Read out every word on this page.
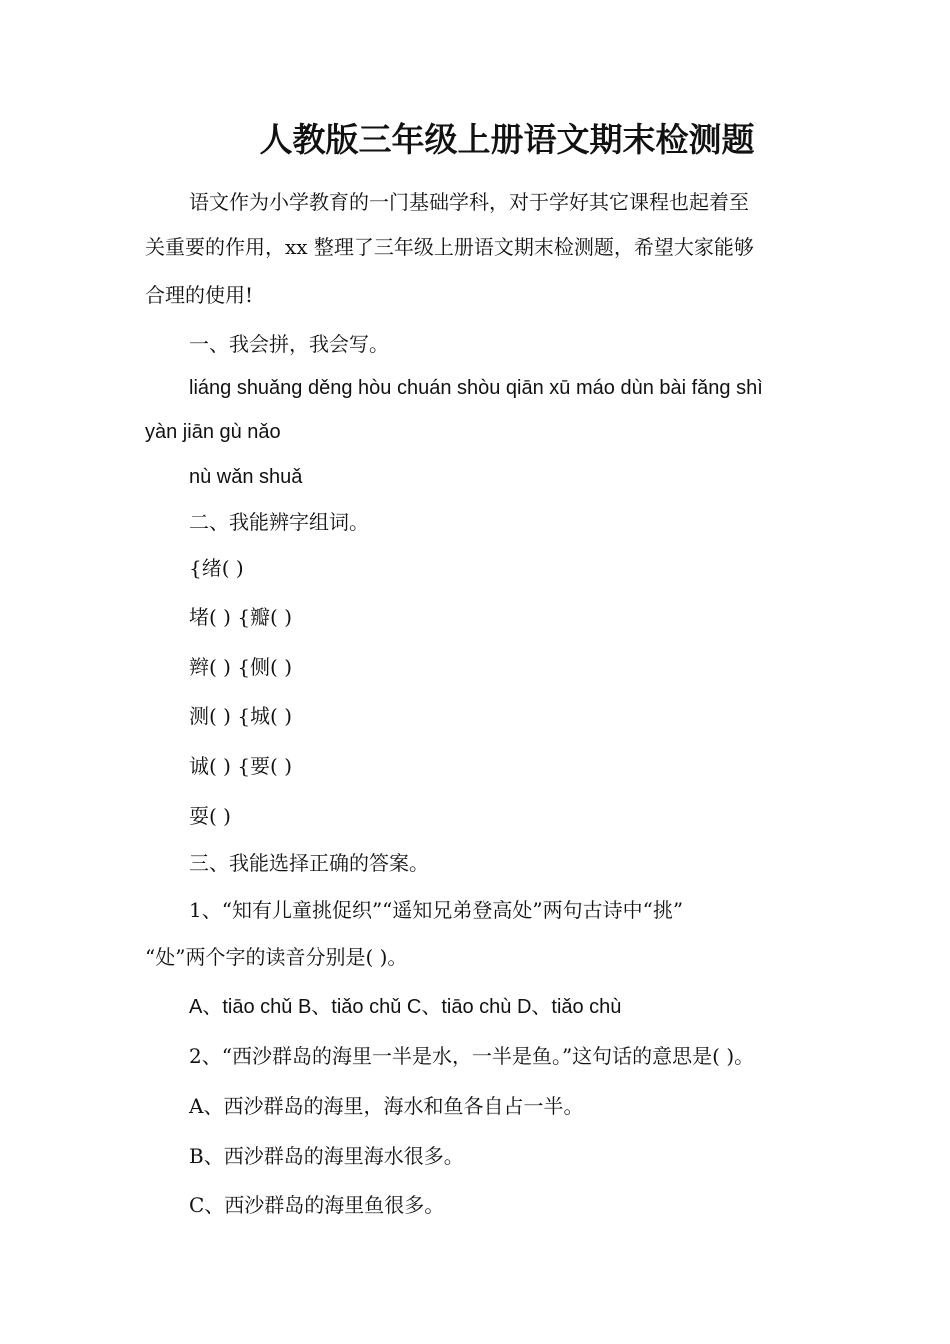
人教版三年级上册语文期末检测题
语文作为小学教育的一门基础学科，对于学好其它课程也起着至
关重要的作用，xx 整理了三年级上册语文期末检测题，希望大家能够
合理的使用!
一、我会拼，我会写。
liáng shuǎng děng hòu chuán shòu qiān xū máo dùn bài fǎng shì
yàn jiān gù nǎo
nù wǎn shuǎ
二、我能辨字组词。
{绪( )
堵( ) {瓣( )
辫( ) {侧( )
测( ) {城( )
诚( ) {要( )
耍( )
三、我能选择正确的答案。
1、“知有儿童挑促织”“遥知兄弟登高处”两句古诗中“挑”
“处”两个字的读音分别是( )。
A、tiāo chǔ B、tiǎo chǔ C、tiāo chù D、tiǎo chù
2、“西沙群岛的海里一半是水，一半是鱼。”这句话的意思是( )。
A、西沙群岛的海里，海水和鱼各自占一半。
B、西沙群岛的海里海水很多。
C、西沙群岛的海里鱼很多。
